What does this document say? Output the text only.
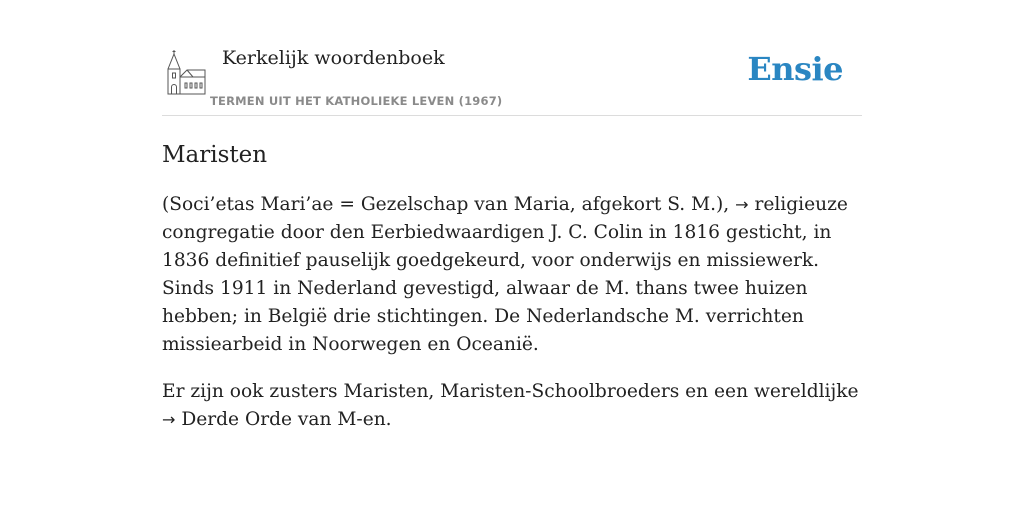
Kerkelijk woordenboek
TERMEN UIT HET KATHOLIEKE LEVEN (1967)
Ensie
Maristen

(Soci’etas Mari’ae = Gezelschap van Maria, afgekort S. M.), → religieuze congregatie door den Eerbiedwaardigen J. C. Colin in 1816 gesticht, in 1836 definitief pauselijk goedgekeurd, voor onderwijs en missiewerk. Sinds 1911 in Nederland gevestigd, alwaar de M. thans twee huizen hebben; in België drie stichtingen. De Nederlandsche M. verrichten missiearbeid in Noorwegen en Oceanië.

Er zijn ook zusters Maristen, Maristen-Schoolbroeders en een wereldlijke → Derde Orde van M-en.
